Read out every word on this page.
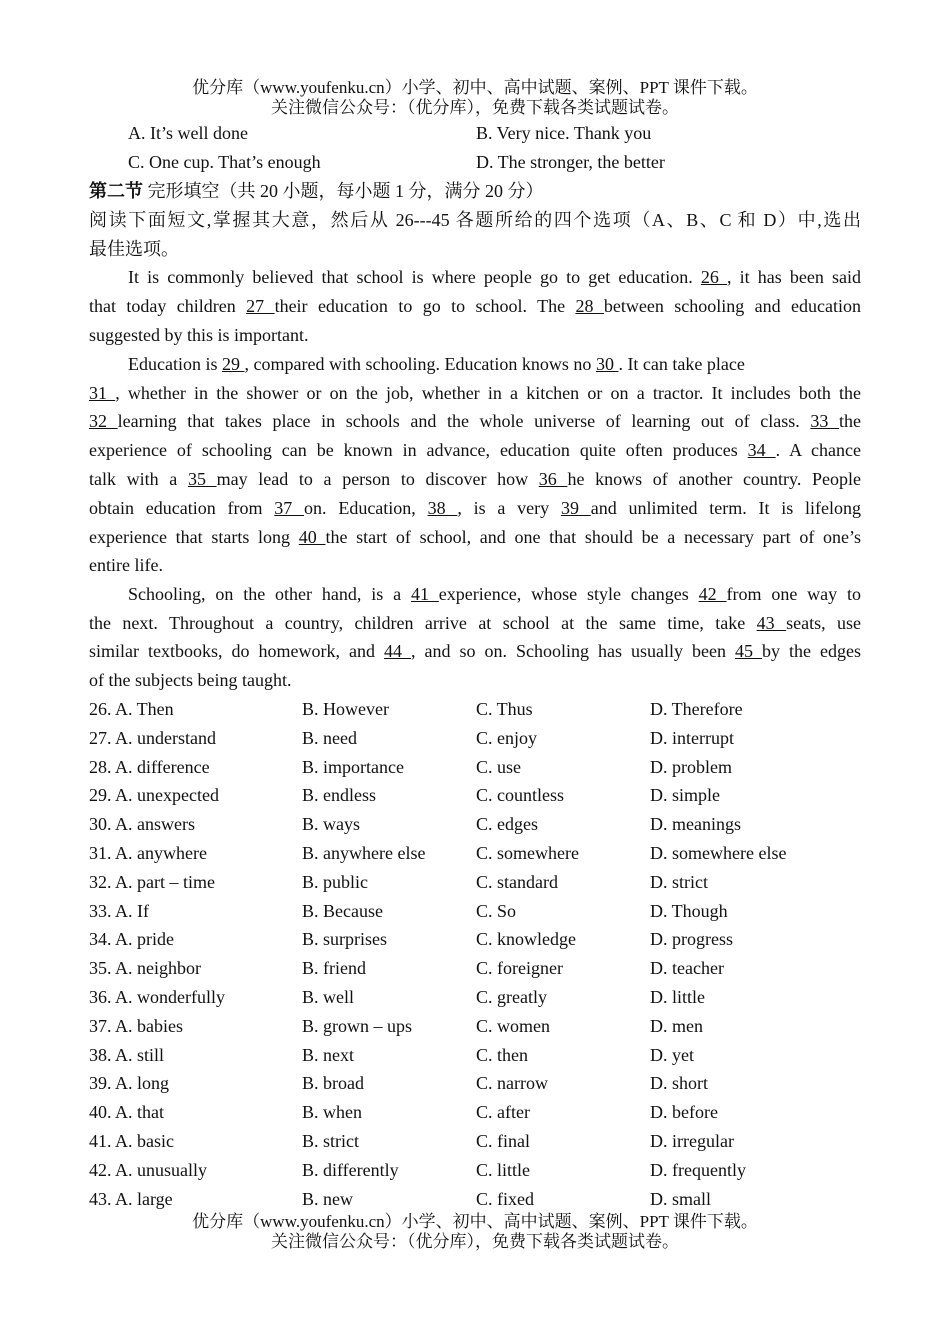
优分库（www.youfenku.cn）小学、初中、高中试题、案例、PPT 课件下载。
关注微信公众号：（优分库），免费下载各类试题试卷。
A. It’s well done	B. Very nice. Thank you
C. One cup. That’s enough	D. The stronger, the better
第二节 完形填空（共 20 小题，每小题 1 分，满分 20 分）
阅读下面短文,掌握其大意，然后从 26---45 各题所给的四个选项（A、B、C 和 D）中,选出
最佳选项。
It is commonly believed that school is where people go to get education. 26 , it has been said
that today children 27 their education to go to school. The 28 between schooling and education
suggested by this is important.
Education is 29 , compared with schooling. Education knows no 30 . It can take place
31 , whether in the shower or on the job, whether in a kitchen or on a tractor. It includes both the
32 learning that takes place in schools and the whole universe of learning out of class. 33 the
experience of schooling can be known in advance, education quite often produces 34 . A chance
talk with a 35 may lead to a person to discover how 36 he knows of another country. People
obtain education from 37 on. Education, 38 , is a very 39 and unlimited term. It is lifelong
experience that starts long 40 the start of school, and one that should be a necessary part of one’s
entire life.
Schooling, on the other hand, is a 41 experience, whose style changes 42 from one way to
the next. Throughout a country, children arrive at school at the same time, take 43 seats, use
similar textbooks, do homework, and 44 , and so on. Schooling has usually been 45 by the edges
of the subjects being taught.
26. A. Then	B. However	C. Thus	D. Therefore
27. A. understand	B. need	C. enjoy	D. interrupt
28. A. difference	B. importance	C. use	D. problem
29. A. unexpected	B. endless	C. countless	D. simple
30. A. answers	B. ways	C. edges	D. meanings
31. A. anywhere	B. anywhere else	C. somewhere	D. somewhere else
32. A. part – time	B. public	C. standard	D. strict
33. A. If	B. Because	C. So	D. Though
34. A. pride	B. surprises	C. knowledge	D. progress
35. A. neighbor	B. friend	C. foreigner	D. teacher
36. A. wonderfully	B. well	C. greatly	D. little
37. A. babies	B. grown – ups	C. women	D. men
38. A. still	B. next	C. then	D. yet
39. A. long	B. broad	C. narrow	D. short
40. A. that	B. when	C. after	D. before
41. A. basic	B. strict	C. final	D. irregular
42. A. unusually	B. differently	C. little	D. frequently
43. A. large	B. new	C. fixed	D. small
优分库（www.youfenku.cn）小学、初中、高中试题、案例、PPT 课件下载。
关注微信公众号：（优分库），免费下载各类试题试卷。
